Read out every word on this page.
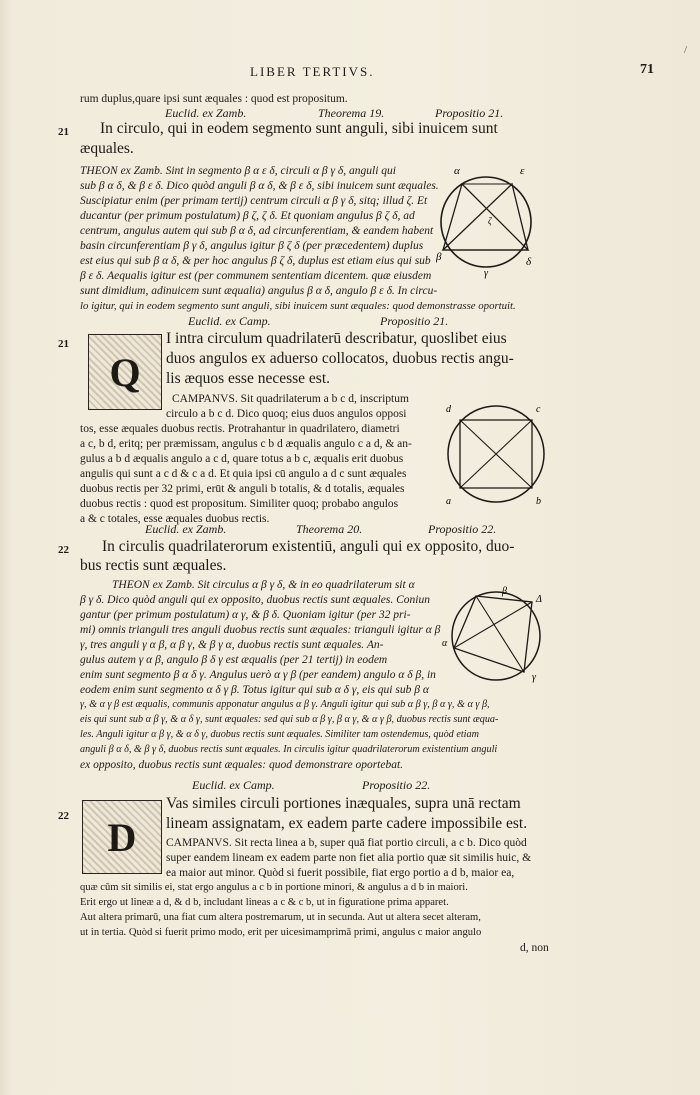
/
LIBER TERTIVS.	71
rum duplus,quare ipsi sunt æquales : quod est propositum.
Euclid. ex Zamb.	Theorema 19.	Propositio 21.
21 In circulo, qui in eodem segmento sunt anguli, sibi inuicem sunt
æquales.
THEON ex Zamb. Sint in segmento β α ε δ, circuli α β γ δ, anguli qui
sub β α δ, & β ε δ. Dico quòd anguli β α δ, & β ε δ, sibi inuicem sunt æquales.
Suscipiatur enim (per primam tertij) centrum circuli α β γ δ, sitq; illud ζ. Et
ducantur (per primum postulatum) β ζ, ζ δ. Et quoniam angulus β ζ δ, ad
centrum, angulus autem qui sub β α δ, ad circunferentiam, & eandem habent
basin circunferentiam β γ δ, angulus igitur β ζ δ (per præcedentem) duplus
est eius qui sub β α δ, & per hoc angulus β ζ δ, duplus est etiam eius qui sub
β ε δ. Aequalis igitur est (per communem sententiam dicentem. quæ eiusdem
sunt dimidium, adinuicem sunt æqualia) angulus β α δ, angulo β ε δ. In circu-
lo igitur, qui in eodem segmento sunt anguli, sibi inuicem sunt æquales: quod demonstrasse oportuit.
α	ε
β	δ
γ
ζ
Euclid. ex Camp.	Propositio 21.
21
Q
I intra circulum quadrilaterū describatur, quoslibet eius
duos angulos ex aduerso collocatos, duobus rectis angu-
lis æquos esse necesse est.
CAMPANVS. Sit quadrilaterum a b c d, inscriptum
circulo a b c d. Dico quoq; eius duos angulos opposi
tos, esse æquales duobus rectis. Protrahantur in quadrilatero, diametri
a c, b d, eritq; per præmissam, angulus c b d æqualis angulo c a d, & an-
gulus a b d æqualis angulo a c d, quare totus a b c, æqualis erit duobus
angulis qui sunt a c d & c a d. Et quia ipsi cū angulo a d c sunt æquales
duobus rectis per 32 primi, erūt & anguli b totalis, & d totalis, æquales
duobus rectis : quod est propositum. Similiter quoq; probabo angulos
a & c totales, esse æquales duobus rectis.
d	c
a	b
Euclid. ex Zamb.	Theorema 20.	Propositio 22.
22 In circulis quadrilaterorum existentiū, anguli qui ex opposito, duo-
bus rectis sunt æquales.
THEON ex Zamb. Sit circulus α β γ δ, & in eo quadrilaterum sit α
β γ δ. Dico quòd anguli qui ex opposito, duobus rectis sunt æquales. Coniun
gantur (per primum postulatum) α γ, & β δ. Quoniam igitur (per 32 pri-
mi) omnis trianguli tres anguli duobus rectis sunt æquales: trianguli igitur α β
γ, tres anguli γ α β, α β γ, & β γ α, duobus rectis sunt æquales. An-
gulus autem γ α β, angulo β δ γ est æqualis (per 21 tertij) in eodem
enim sunt segmento β α δ γ. Angulus uerò α γ β (per eandem) angulo α δ β, in
eodem enim sunt segmento α δ γ β. Totus igitur qui sub α δ γ, eis qui sub β α
γ, & α γ β est æqualis, communis apponatur angulus α β γ. Anguli igitur qui sub α β γ, β α γ, & α γ β,
eis qui sunt sub α β γ, & α δ γ, sunt æquales: sed qui sub α β γ, β α γ, & α γ β, duobus rectis sunt æqua-
les. Anguli igitur α β γ, & α δ γ, duobus rectis sunt æquales. Similiter tam ostendemus, quòd etiam
anguli β α δ, & β γ δ, duobus rectis sunt æquales. In circulis igitur quadrilaterorum existentium anguli
ex opposito, duobus rectis sunt æquales: quod demonstrare oportebat.
β
Δ
α
γ
Euclid. ex Camp.	Propositio 22.
22 D
Vas similes circuli portiones inæquales, supra unā rectam
lineam assignatam, ex eadem parte cadere impossibile est.
CAMPANVS. Sit recta linea a b, super quā fiat portio circuli, a c b. Dico quòd
super eandem lineam ex eadem parte non fiet alia portio quæ sit similis huic, &
ea maior aut minor. Quòd si fuerit possibile, fiat ergo portio a d b, maior ea,
quæ cūm sit similis ei, stat ergo angulus a c b in portione minori, & angulus a d b in maiori.
Erit ergo ut lineæ a d, & d b, includant lineas a c & c b, ut in figuratione prima apparet.
Aut altera primarū, una fiat cum altera postremarum, ut in secunda. Aut ut altera secet alteram,
ut in tertia. Quòd si fuerit primo modo, erit per uicesimamprimā primi, angulus c maior angulo
d, non
